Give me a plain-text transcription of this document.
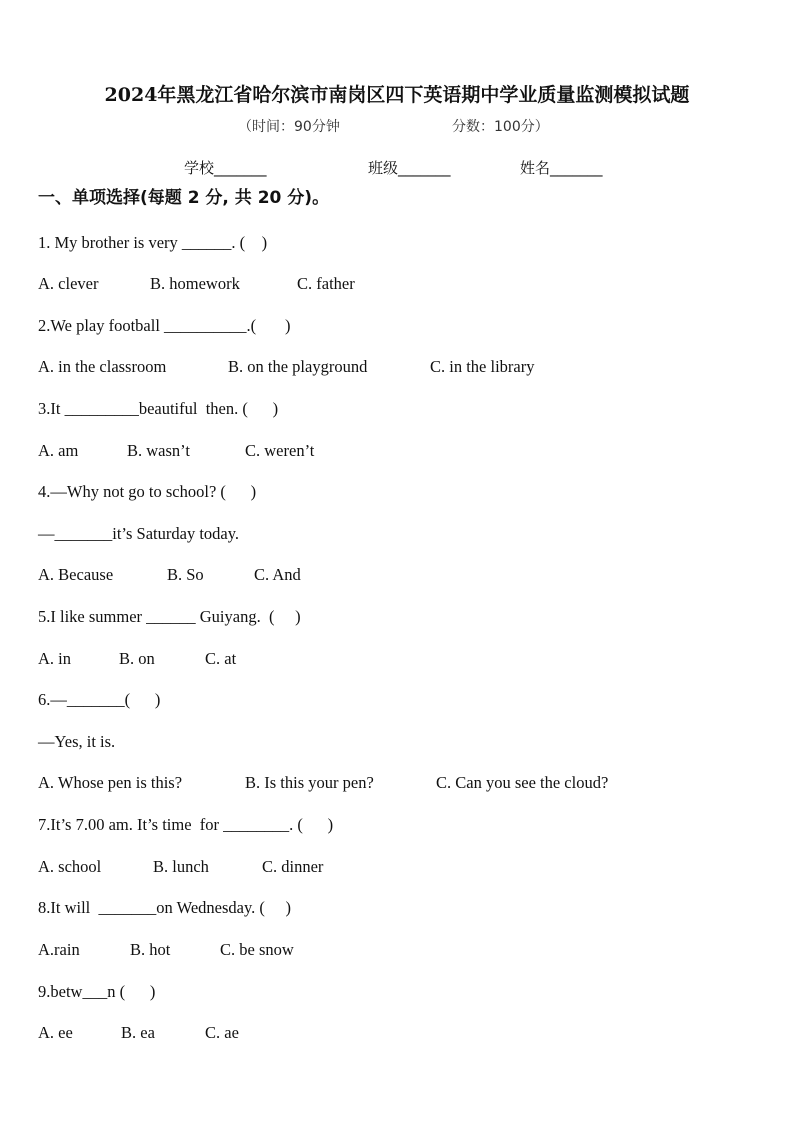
2024年黑龙江省哈尔滨市南岗区四下英语期中学业质量监测模拟试题
（时间：90分钟	分数：100分）
学校_______	班级_______	姓名_______
一、单项选择(每题 2 分, 共 20 分)。
1. My brother is very ______. (    )
A. clever	B. homework	C. father
2.We play football __________.(       )
A. in the classroom	B. on the playground	C. in the library
3.It _________beautiful  then. (      )
A. am	B. wasn’t	C. weren’t
4.—Why not go to school? (      )
—_______it’s Saturday today.
A. Because	B. So	C. And
5.I like summer ______ Guiyang.  (     )
A. in	B. on	C. at
6.—_______(      )
—Yes, it is.
A. Whose pen is this?	B. Is this your pen?	C. Can you see the cloud?
7.It’s 7.00 am. It’s time  for ________. (      )
A. school	B. lunch	C. dinner
8.It will  _______on Wednesday. (     )
A.rain	B. hot	C. be snow
9.betw___n (      )
A. ee	B. ea	C. ae
